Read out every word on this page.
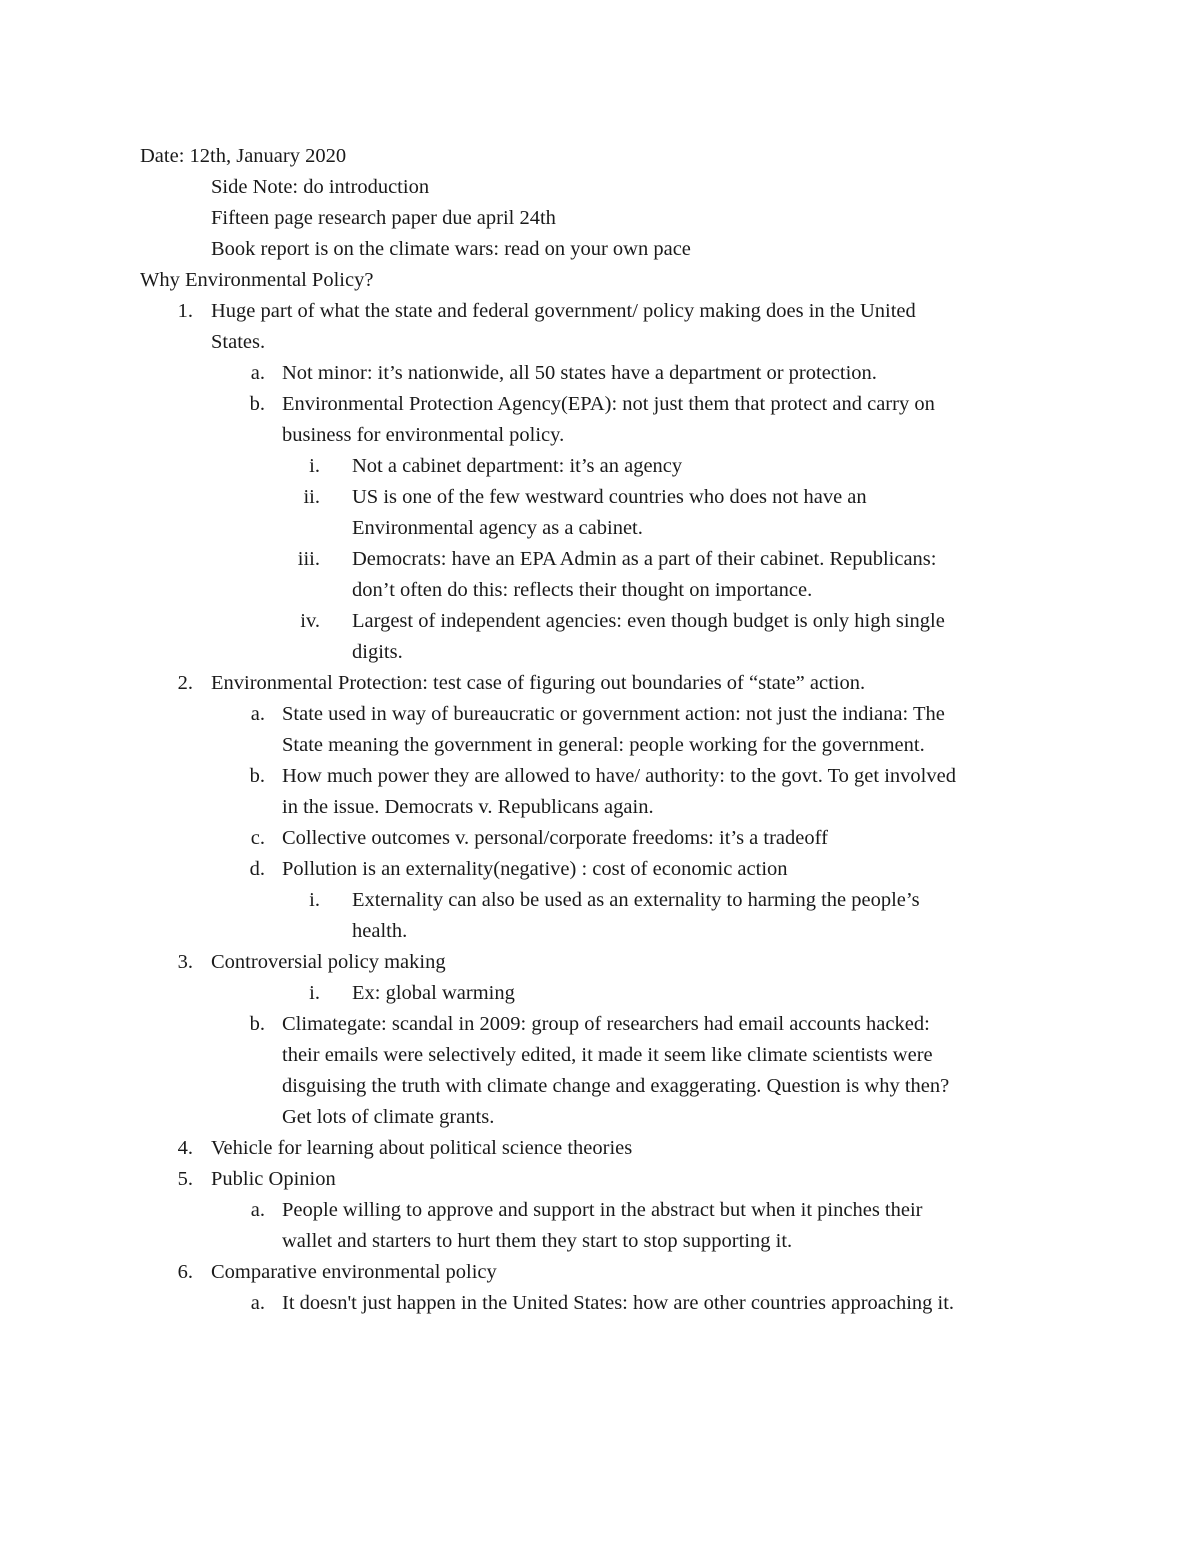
Date: 12th, January 2020
Side Note: do introduction
Fifteen page research paper due april 24th
Book report is on the climate wars: read on your own pace
Why Environmental Policy?
1. Huge part of what the state and federal government/ policy making does in the United
States.
a. Not minor: it’s nationwide, all 50 states have a department or protection.
b. Environmental Protection Agency(EPA): not just them that protect and carry on
business for environmental policy.
i. Not a cabinet department: it’s an agency
ii. US is one of the few westward countries who does not have an
Environmental agency as a cabinet.
iii. Democrats: have an EPA Admin as a part of their cabinet. Republicans:
don’t often do this: reflects their thought on importance.
iv. Largest of independent agencies: even though budget is only high single
digits.
2. Environmental Protection: test case of figuring out boundaries of “state” action.
a. State used in way of bureaucratic or government action: not just the indiana: The
State meaning the government in general: people working for the government.
b. How much power they are allowed to have/ authority: to the govt. To get involved
in the issue. Democrats v. Republicans again.
c. Collective outcomes v. personal/corporate freedoms: it’s a tradeoff
d. Pollution is an externality(negative) : cost of economic action
i. Externality can also be used as an externality to harming the people’s
health.
3. Controversial policy making
i. Ex: global warming
b. Climategate: scandal in 2009: group of researchers had email accounts hacked:
their emails were selectively edited, it made it seem like climate scientists were
disguising the truth with climate change and exaggerating. Question is why then?
Get lots of climate grants.
4. Vehicle for learning about political science theories
5. Public Opinion
a. People willing to approve and support in the abstract but when it pinches their
wallet and starters to hurt them they start to stop supporting it.
6. Comparative environmental policy
a. It doesn't just happen in the United States: how are other countries approaching it.
